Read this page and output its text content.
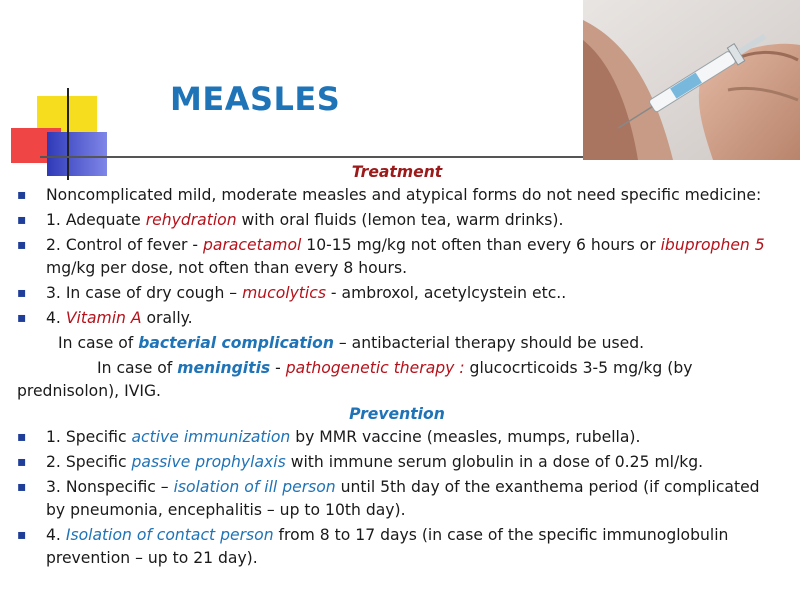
MEASLES
Treatment
▪ Noncomplicated mild, moderate measles and atypical forms do not need specific medicine:
▪ 1. Adequate rehydration with oral fluids (lemon tea, warm drinks).
▪ 2. Control of fever - paracetamol 10-15 mg/kg not often than every 6 hours or ibuprophen 5 mg/kg per dose, not often than every 8 hours.
▪ 3. In case of dry cough – mucolytics - ambroxol, acetylcystein etc..
▪ 4. Vitamin A orally.
In case of bacterial complication – antibacterial therapy should be used.
In case of meningitis - pathogenetic therapy : glucocrticoids 3-5 mg/kg (by prednisolon), IVIG.
Prevention
▪ 1. Specific active immunization by MMR vaccine (measles, mumps, rubella).
▪ 2. Specific passive prophylaxis with immune serum globulin in a dose of 0.25 ml/kg.
▪ 3. Nonspecific – isolation of ill person until 5th day of the exanthema period (if complicated by pneumonia, encephalitis – up to 10th day).
▪ 4. Isolation of contact person from 8 to 17 days (in case of the specific immunoglobulin prevention – up to 21 day).
